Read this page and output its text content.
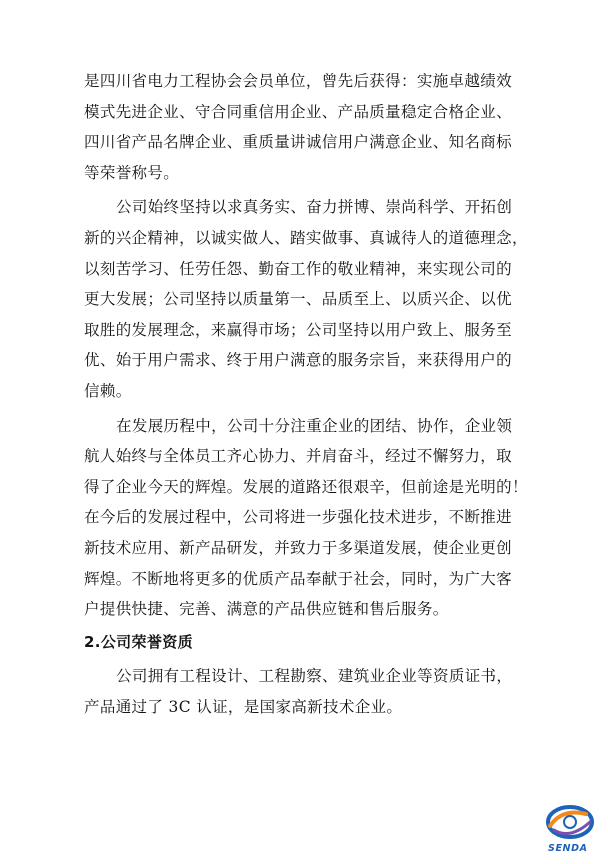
是四川省电力工程协会会员单位，曾先后获得：实施卓越绩效
模式先进企业、守合同重信用企业、产品质量稳定合格企业、
四川省产品名牌企业、重质量讲诚信用户满意企业、知名商标
等荣誉称号。
公司始终坚持以求真务实、奋力拼博、崇尚科学、开拓创
新的兴企精神，以诚实做人、踏实做事、真诚待人的道德理念，
以刻苦学习、任劳任怨、勤奋工作的敬业精神，来实现公司的
更大发展；公司坚持以质量第一、品质至上、以质兴企、以优
取胜的发展理念，来赢得市场；公司坚持以用户致上、服务至
优、始于用户需求、终于用户满意的服务宗旨，来获得用户的
信赖。
在发展历程中，公司十分注重企业的团结、协作，企业领
航人始终与全体员工齐心协力、并肩奋斗，经过不懈努力，取
得了企业今天的辉煌。发展的道路还很艰辛，但前途是光明的！
在今后的发展过程中，公司将进一步强化技术进步，不断推进
新技术应用、新产品研发，并致力于多渠道发展，使企业更创
辉煌。不断地将更多的优质产品奉献于社会，同时，为广大客
户提供快捷、完善、满意的产品供应链和售后服务。
2.公司荣誉资质
公司拥有工程设计、工程勘察、建筑业企业等资质证书，
产品通过了 3C 认证，是国家高新技术企业。
SENDA
